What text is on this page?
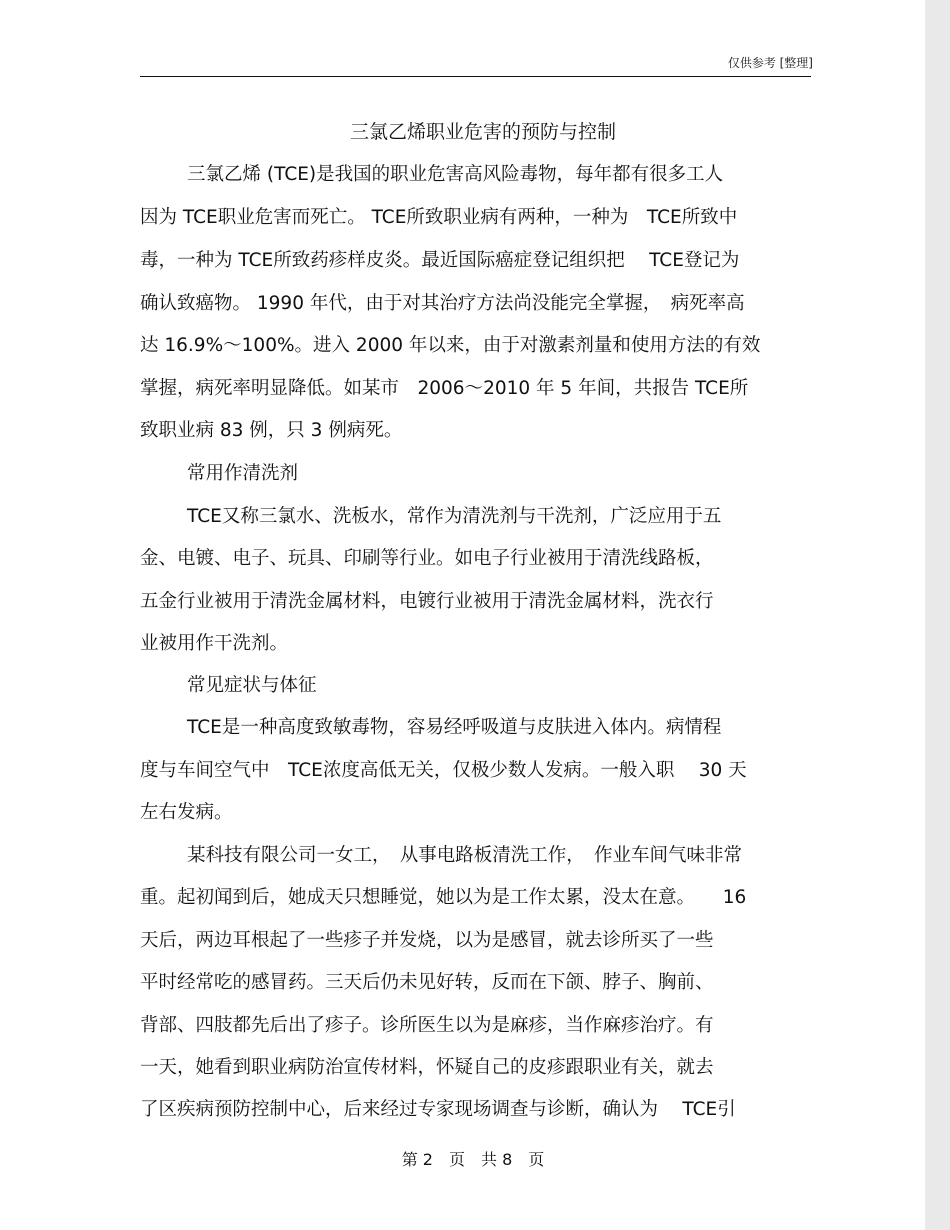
仅供参考 [整理]
三氯乙烯职业危害的预防与控制
三氯乙烯 (TCE)是我国的职业危害高风险毒物，每年都有很多工人
因为 TCE职业危害而死亡。 TCE所致职业病有两种，一种为　TCE所致中
毒，一种为 TCE所致药疹样皮炎。最近国际癌症登记组织把　 TCE登记为
确认致癌物。 1990 年代，由于对其治疗方法尚没能完全掌握，　病死率高
达 16.9%～100%。进入 2000 年以来，由于对激素剂量和使用方法的有效
掌握，病死率明显降低。如某市　2006～2010 年 5 年间，共报告 TCE所
致职业病 83 例，只 3 例病死。
常用作清洗剂
TCE又称三氯水、洗板水，常作为清洗剂与干洗剂，广泛应用于五
金、电镀、电子、玩具、印刷等行业。如电子行业被用于清洗线路板，
五金行业被用于清洗金属材料，电镀行业被用于清洗金属材料，洗衣行
业被用作干洗剂。
常见症状与体征
TCE是一种高度致敏毒物，容易经呼吸道与皮肤进入体内。病情程
度与车间空气中　TCE浓度高低无关，仅极少数人发病。一般入职　 30 天
左右发病。
某科技有限公司一女工，　从事电路板清洗工作，　作业车间气味非常
重。起初闻到后，她成天只想睡觉，她以为是工作太累，没太在意。　　16
天后，两边耳根起了一些疹子并发烧，以为是感冒，就去诊所买了一些
平时经常吃的感冒药。三天后仍未见好转，反而在下颌、脖子、胸前、
背部、四肢都先后出了疹子。诊所医生以为是麻疹，当作麻疹治疗。有
一天，她看到职业病防治宣传材料，怀疑自己的皮疹跟职业有关，就去
了区疾病预防控制中心，后来经过专家现场调查与诊断，确认为　 TCE引
第 2　页　共 8　页
